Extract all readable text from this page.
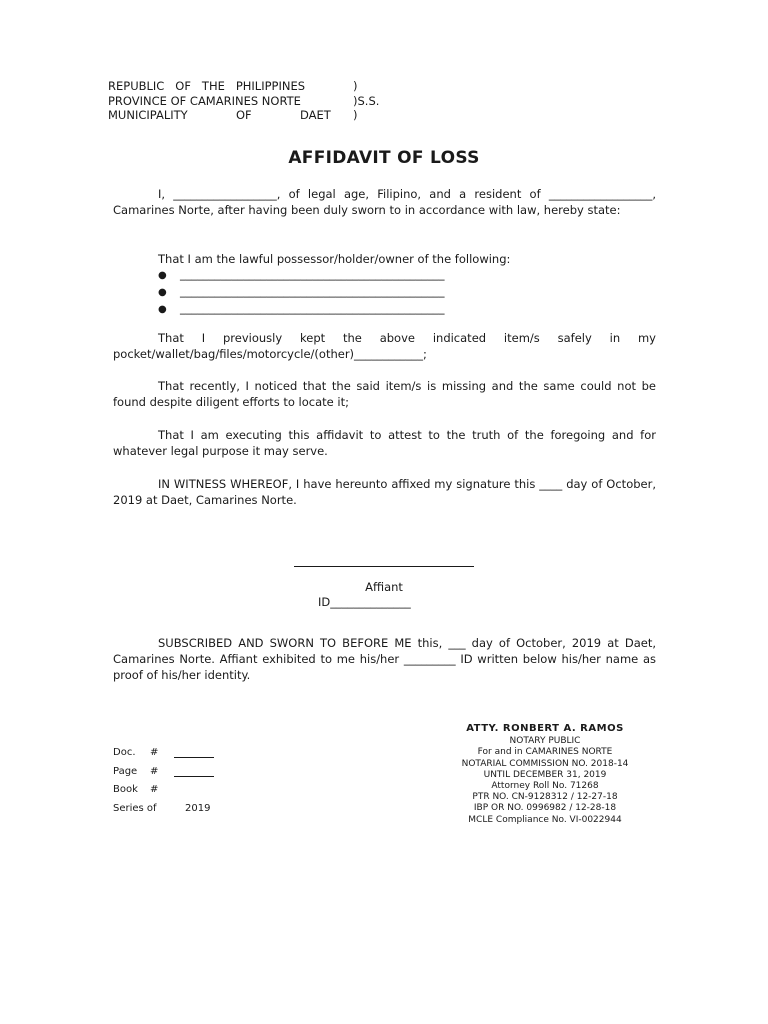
REPUBLIC   OF   THE   PHILIPPINES	)
PROVINCE OF CAMARINES NORTE	)S.S.
MUNICIPALITY	OF	DAET )
AFFIDAVIT OF LOSS

I, __________________, of legal age, Filipino, and a resident of __________________, Camarines Norte, after having been duly sworn to in accordance with law, hereby state:

That I am the lawful possessor/holder/owner of the following:

● ______________________________________________
● ______________________________________________
● ______________________________________________

That I previously kept the above indicated item/s safely in my pocket/wallet/bag/files/motorcycle/(other)____________;

That recently, I noticed that the said item/s is missing and the same could not be found despite diligent efforts to locate it;

That I am executing this affidavit to attest to the truth of the foregoing and for whatever legal purpose it may serve.

IN WITNESS WHEREOF, I have hereunto affixed my signature this ____ day of October, 2019 at Daet, Camarines Norte.

Affiant
ID______________

SUBSCRIBED AND SWORN TO BEFORE ME this, ___ day of October, 2019 at Daet, Camarines Norte. Affiant exhibited to me his/her _________ ID written below his/her name as proof of his/her identity.

ATTY. RONBERT A. RAMOS
NOTARY PUBLIC
For and in CAMARINES NORTE
NOTARIAL COMMISSION NO. 2018-14
UNTIL DECEMBER 31, 2019
Attorney Roll No. 71268
PTR NO. CN-9128312 / 12-27-18
IBP OR NO. 0996982 / 12-28-18
MCLE Compliance No. VI-0022944
Doc. #
Page #
Book #
Series of	2019
